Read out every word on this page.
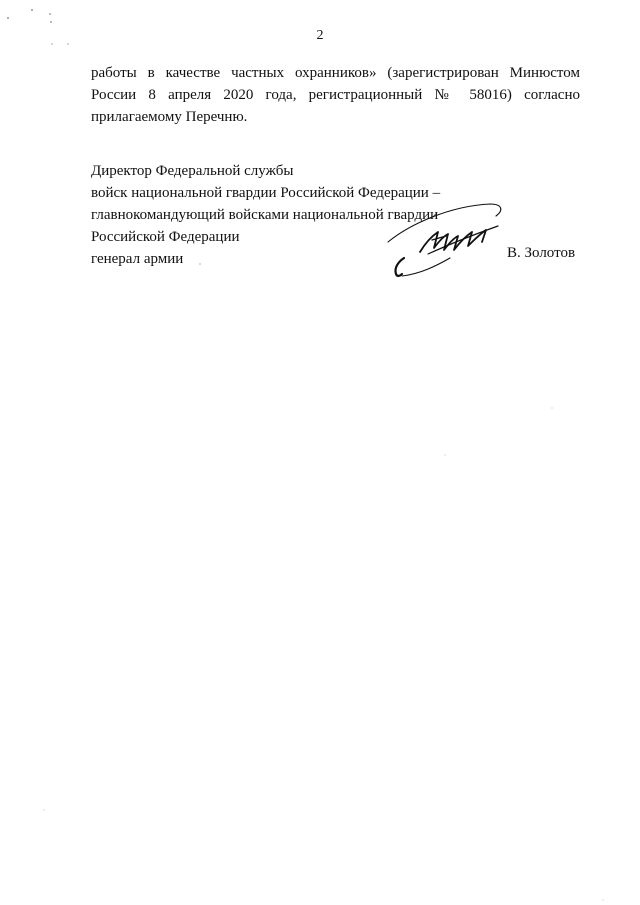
2
работы в качестве частных охранников» (зарегистрирован Минюстом
России 8 апреля 2020 года, регистрационный № 58016) согласно
прилагаемому Перечню.
Директор Федеральной службы
войск национальной гвардии Российской Федерации –
главнокомандующий войсками национальной гвардии
Российской Федерации
генерал армии	В. Золотов
